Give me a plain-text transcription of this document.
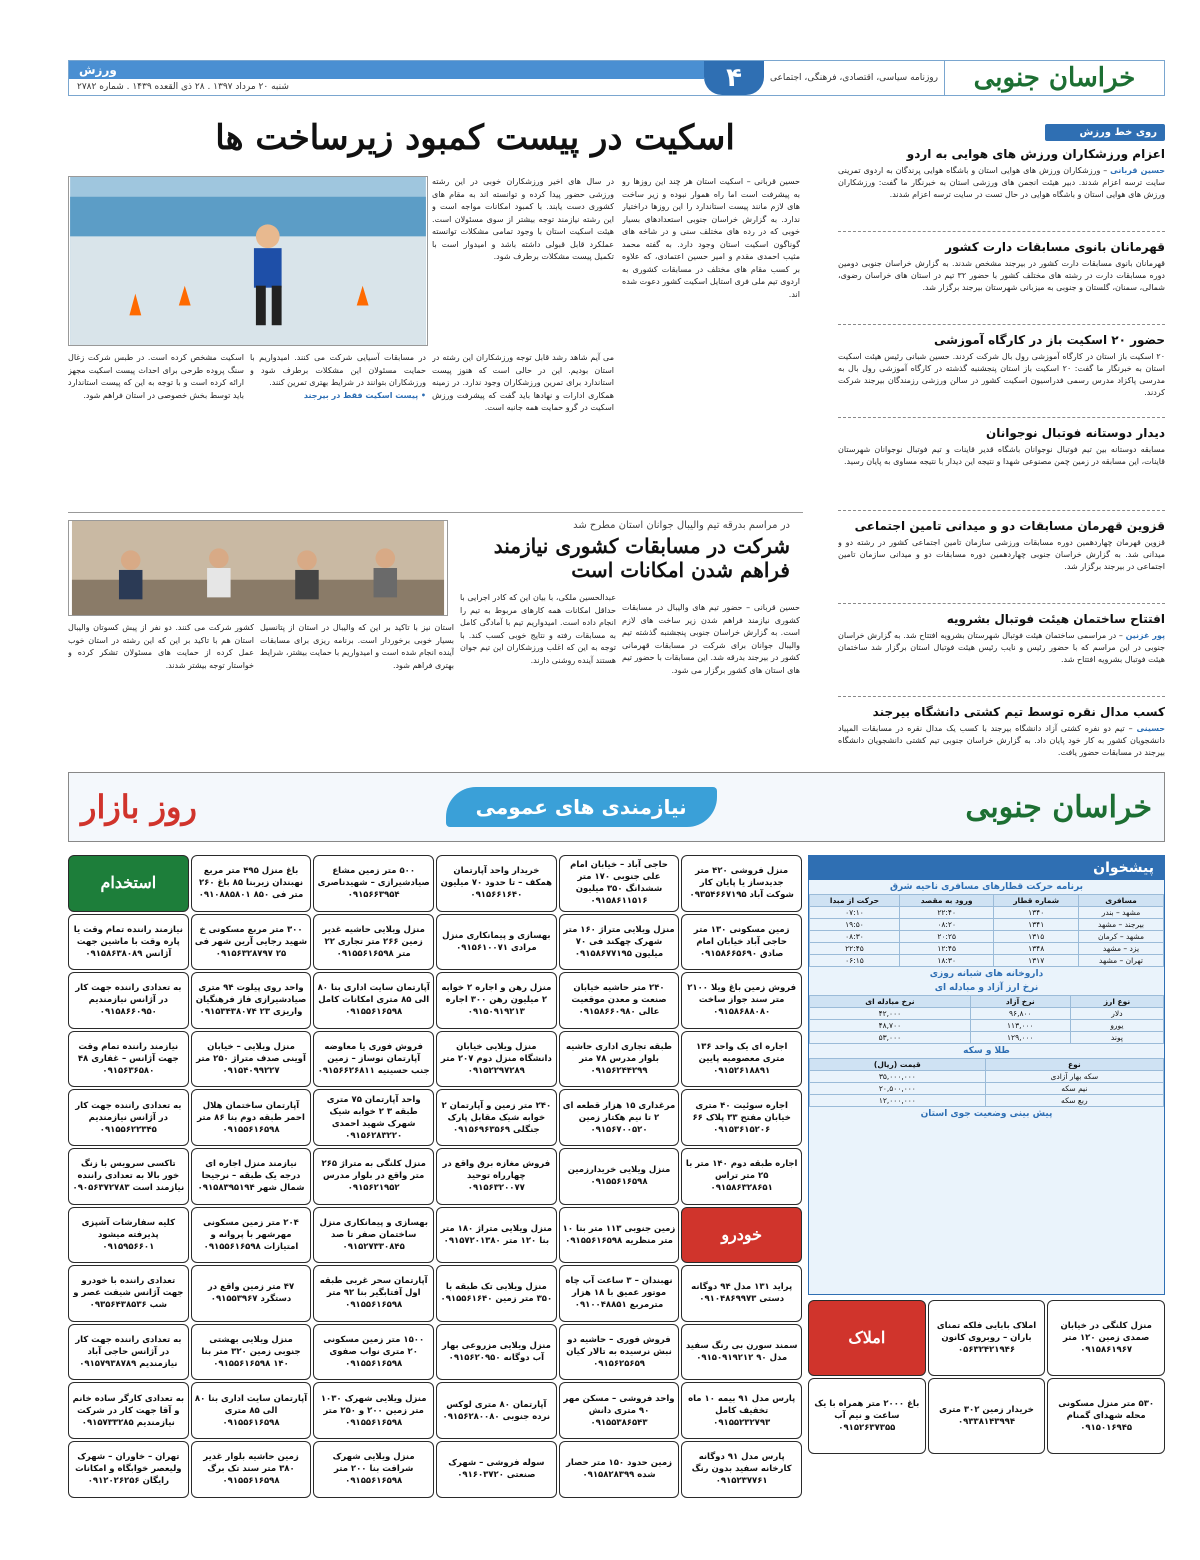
خراسان جنوبی
روزنامه سیاسی، اقتصادی، فرهنگی، اجتماعی
۴
ورزش
شنبه ۲۰ مرداد ۱۳۹۷ . ۲۸ ذی القعده ۱۴۳۹ . شماره ۲۷۸۲
روی خط ورزش
اعزام ورزشکاران ورزش های هوایی به اردو

حسین قربانی – ورزشکاران ورزش های هوایی استان و باشگاه هوایی پرندگان به اردوی تمرینی سایت ترسه اعزام شدند. دبیر هیئت انجمن های ورزشی استان به خبرنگار ما گفت: ورزشکاران ورزش های هوایی استان و باشگاه هوایی در حال تست در سایت ترسه اعزام شدند.

قهرمانان بانوی مسابقات دارت کشور

قهرمانان بانوی مسابقات دارت کشور در بیرجند مشخص شدند. به گزارش خراسان جنوبی دومین دوره مسابقات دارت در رشته های مختلف کشور با حضور ۳۲ تیم در استان های خراسان رضوی، شمالی، سمنان، گلستان و جنوبی به میزبانی شهرستان بیرجند برگزار شد.

حضور ۲۰ اسکیت باز در کارگاه آموزشی

۲۰ اسکیت باز استان در کارگاه آموزشی رول بال شرکت کردند. حسین شبانی رئیس هیئت اسکیت استان به خبرنگار ما گفت: ۲۰ اسکیت باز استان پنجشنبه گذشته در کارگاه آموزشی رول بال به مدرسی پاکزاد مدرس رسمی فدراسیون اسکیت کشور در سالن ورزشی رزمندگان بیرجند شرکت کردند.

دیدار دوستانه فوتبال نوجوانان

مسابقه دوستانه بین تیم فوتبال نوجوانان باشگاه قدیر قاینات و تیم فوتبال نوجوانان شهرستان قاینات، این مسابقه در زمین چمن مصنوعی شهدا و نتیجه این دیدار با نتیجه مساوی به پایان رسید.

قزوین قهرمان مسابقات دو و میدانی تامین اجتماعی

قزوین قهرمان چهاردهمین دوره مسابقات ورزشی سازمان تامین اجتماعی کشور در رشته دو و میدانی شد. به گزارش خراسان جنوبی چهاردهمین دوره مسابقات دو و میدانی سازمان تامین اجتماعی در بیرجند برگزار شد.

افتتاح ساختمان هیئت فوتبال بشرویه

پور غزنین – در مراسمی ساختمان هیئت فوتبال شهرستان بشرویه افتتاح شد. به گزارش خراسان جنوبی در این مراسم که با حضور رئیس و نایب رئیس هیئت فوتبال استان برگزار شد ساختمان هیئت فوتبال بشرویه افتتاح شد.

کسب مدال نقره توسط تیم کشتی دانشگاه بیرجند

حسینی – تیم دو نفره کشتی آزاد دانشگاه بیرجند با کسب یک مدال نقره در مسابقات المپیاد دانشجویان کشور به کار خود پایان داد. به گزارش خراسان جنوبی تیم کشتی دانشجویان دانشگاه بیرجند در مسابقات حضور یافت.

اسکیت در پیست کمبود زیرساخت ها
حسین قربانی – اسکیت استان هر چند این روزها رو به پیشرفت است اما راه هموار نبوده و زیر ساخت های لازم مانند پیست استاندارد را این روزها دراختیار ندارد. به گزارش خراسان جنوبی استعدادهای بسیار خوبی که در رده های مختلف سنی و در شاخه های گوناگون اسکیت استان وجود دارد. به گفته محمد مثیب احمدی مقدم و امیر حسین اعتمادی، که علاوه بر کسب مقام های مختلف در مسابقات کشوری به اردوی تیم ملی فری استایل اسکیت کشور دعوت شده اند.
در سال های اخیر ورزشکاران خوبی در این رشته ورزشی حضور پیدا کرده و توانسته اند به مقام های کشوری دست یابند. با کمبود امکانات مواجه است و این رشته نیازمند توجه بیشتر از سوی مسئولان است. هیئت اسکیت استان با وجود تمامی مشکلات توانسته عملکرد قابل قبولی داشته باشد و امیدوار است با تکمیل پیست مشکلات برطرف شود.
می آیم شاهد رشد قابل توجه ورزشکاران این رشته در استان بودیم. این در حالی است که هنوز پیست استاندارد برای تمرین ورزشکاران وجود ندارد. در زمینه همکاری ادارات و نهادها باید گفت که پیشرفت ورزش اسکیت در گرو حمایت همه جانبه است.
در مسابقات آسیایی شرکت می کنند. امیدواریم با حمایت مسئولان این مشکلات برطرف شود و ورزشکاران بتوانند در شرایط بهتری تمرین کنند.
• پیست اسکیت فقط در بیرجند
اسکیت مشخص کرده است. در طبس شرکت زغال سنگ پروده طرحی برای احداث پیست اسکیت مجهز ارائه کرده است و با توجه به این که پیست استاندارد باید توسط بخش خصوصی در استان فراهم شود.
در مراسم بدرقه تیم والیبال جوانان استان مطرح شد
شرکت در مسابقات کشوری نیازمند فراهم شدن امکانات است
حسین قربانی – حضور تیم های والیبال در مسابقات کشوری نیازمند فراهم شدن زیر ساخت های لازم است. به گزارش خراسان جنوبی پنجشنبه گذشته تیم والیبال جوانان برای شرکت در مسابقات قهرمانی کشور در بیرجند بدرقه شد. این مسابقات با حضور تیم های استان های کشور برگزار می شود.
عبدالحسین ملکی، با بیان این که کادر اجرایی با حداقل امکانات همه کارهای مربوط به تیم را انجام داده است. امیدواریم تیم با آمادگی کامل به مسابقات رفته و نتایج خوبی کسب کند. با توجه به این که اغلب ورزشکاران این تیم جوان هستند آینده روشنی دارند.
استان نیز با تاکید بر این که والیبال در استان از پتانسیل بسیار خوبی برخوردار است. برنامه ریزی برای مسابقات آینده انجام شده است و امیدواریم با حمایت بیشتر، شرایط بهتری فراهم شود.
کشور شرکت می کنند. دو نفر از پیش کسوتان والیبال استان هم با تاکید بر این که این رشته در استان خوب عمل کرده از حمایت های مسئولان تشکر کرده و خواستار توجه بیشتر شدند.
خراسان جنوبی
نیازمندی های عمومی
روز بازار
منزل فروشی ۴۲۰ متر جدیدساز یا پایان کار شوکت آباد ۰۹۳۵۴۶۶۷۱۹۵
حاجی آباد – خیابان امام علی جنوبی ۱۷۰ متر ششدانگ ۳۵۰ میلیون ۰۹۱۵۸۶۱۱۵۱۶
خریدار واحد آپارتمان همکف – تا حدود ۷۰ میلیون ۰۹۱۵۶۶۱۶۴۰
۵۰۰ متر زمین مشاع صیادشیرازی – شهیدناصری ۰۹۱۵۶۶۳۹۵۴
باغ منزل ۴۹۵ متر مربع نهبندان زیربنا ۸۵ باغ ۲۶۰ متر فی ۸۵۰ ۰۹۱۰۸۸۵۸۰۱
استخدام
زمین مسکونی ۱۳۰ متر حاجی آباد خیابان امام صادق ۰۹۱۵۸۶۶۵۶۹۰
منزل ویلایی متراژ ۱۶۰ متر شهرک چهکند فی ۷۰ میلیون ۰۹۱۵۸۶۷۷۱۹۵
بهسازی و پیمانکاری منزل مرادی ۰۹۱۵۶۱۰۰۷۱
منزل ویلایی حاشیه غدیر زمین ۲۶۶ متر تجاری ۲۲ متر ۰۹۱۵۵۶۱۶۵۹۸
۳۰۰ متر مربع مسکونی خ شهید رجایی آرین شهر فی ۲۵ ۰۹۱۵۶۳۲۸۷۹۷
نیازمند راننده تمام وقت یا پاره وقت با ماشین جهت آژانس ۰۹۱۵۸۶۳۸۰۸۹
فروش زمین باغ ویلا ۲۱۰۰ متر سند جواز ساخت ۰۹۱۵۸۶۸۸۰۸۰
۲۴۰ متر حاشیه خیابان صنعت و معدن موقعیت عالی ۰۹۱۵۸۶۶۰۹۸۰
منزل رهن و اجاره ۲ خوابه ۲ میلیون رهن ۳۰۰ اجاره ۰۹۱۵۰۹۱۹۲۱۳
آپارتمان سایت اداری بنا ۸۰ الی ۸۵ متری امکانات کامل ۰۹۱۵۵۶۱۶۵۹۸
واحد روی پیلوت ۹۴ متری صیادشیرازی فاز فرهنگیان واریزی ۲۳ ۰۹۱۵۳۴۳۸۰۷۴
به تعدادی راننده جهت کار در آژانس نیازمندیم ۰۹۱۵۸۶۶۰۹۵۰
اجاره ای یک واحد ۱۳۶ متری معصومیه پایین ۰۹۱۵۲۶۱۸۸۹۱
طبقه تجاری اداری حاشیه بلوار مدرس ۷۸ متر ۰۹۱۵۶۲۴۴۲۹۹
منزل ویلایی خیابان دانشگاه منزل دوم ۲۰۷ متر ۰۹۱۵۲۲۹۷۲۸۹
فروش فوری یا معاوضه آپارتمان نوساز – زمین جنب حسینیه ۰۹۱۵۶۶۲۶۸۱۱
منزل ویلایی – خیابان آوینی صدف متراژ ۲۵۰ متر ۰۹۱۵۴۰۹۹۲۲۷
نیازمند راننده تمام وقت جهت آژانس – غفاری ۴۸ ۰۹۱۵۶۳۶۵۸۰
اجاره سوئیت ۴۰ متری خیابان مفتح ۳۳ پلاک ۶۶ ۰۹۱۵۳۶۱۵۲۰۶
مرغداری ۱۵ هزار قطعه ای ۲ تا نیم هکتار زمین ۰۹۱۵۶۷۰۰۵۲۰
۲۴۰ متر زمین و آپارتمان ۲ خوابه شیک مقابل پارک جنگلی ۰۹۱۵۶۹۶۳۵۶۹
واحد آپارتمان ۷۵ متری طبقه ۳ ۲ خوابه شیک شهرک شهید احمدی ۰۹۱۵۶۲۸۳۲۲۰
آپارتمان ساختمان هلال احمر طبقه دوم بنا ۸۶ متر ۰۹۱۵۵۶۱۶۵۹۸
به تعدادی راننده جهت کار در آژانس نیازمندیم ۰۹۱۵۵۶۲۲۳۴۵
اجاره طبقه دوم ۱۴۰ متر با ۲۵ متر تراس ۰۹۱۵۸۶۳۲۸۶۵۱
منزل ویلایی خریدارزمین ۰۹۱۵۵۶۱۶۵۹۸
فروش مغازه برق واقع در چهارراه توحید ۰۹۱۵۶۳۲۰۰۷۷
منزل کلنگی به متراژ ۲۶۵ متر واقع در بلوار مدرس ۰۹۱۵۶۲۱۹۵۲
نیازمند منزل اجاره ای درجه یک طبقه – نرجیحا شمال شهر ۰۹۱۵۸۳۹۵۱۹۴
تاکسی سرویس با زنگ خور بالا به تعدادی راننده نیازمند است ۰۹۰۵۶۳۷۲۷۸۳
خودرو
زمین جنوبی ۱۱۳ متر بنا ۱۰ متر منظریه ۰۹۱۵۵۶۱۶۵۹۸
منزل ویلایی متراژ ۱۸۰ متر بنا ۱۲۰ متر ۰۹۱۵۷۲۰۱۳۸۰
بهسازی و پیمانکاری منزل ساختمان صفر تا صد ۰۹۱۵۲۷۳۳۰۸۴۵
۲۰۴ متر زمین مسکونی مهرشهر با پروانه و امتیازات ۰۹۱۵۵۶۱۶۵۹۸
کلیه سفارشات آشپزی پذیرفته میشود ۰۹۱۵۹۵۶۶۰۱
پراید ۱۳۱ مدل ۹۴ دوگانه دستی ۰۹۱۰۴۸۶۹۹۷۳
نهبندان – ۳ ساعت آب چاه موتور عمیق با ۱۸ هزار مترمربع ۰۹۱۰۰۴۸۸۵۱
منزل ویلایی تک طبقه با ۳۵۰ متر زمین ۰۹۱۵۵۶۱۶۴۰
آپارتمان سحر غربی طبقه اول آفتابگیر بنا ۹۲ متر ۰۹۱۵۵۶۱۶۵۹۸
۴۷ متر زمین واقع در دستگرد ۰۹۱۵۵۳۹۶۷
تعدادی راننده با خودرو جهت آژانس شیفت عصر و شب ۰۹۳۵۶۴۳۸۵۳۶
سمند سورن بی رنگ سفید مدل ۹۰ ۰۹۱۵۰۹۱۹۲۱۲
فروش فوری – حاشیه دو نبش نرسیده به تالار کیان ۰۹۱۵۶۲۵۶۵۹
منزل ویلایی مزروعی بهار آب دوگانه ۰۹۱۵۶۲۰۹۵۰
۱۵۰۰ متر زمین مسکونی ۲۰ متری نواب صفوی ۰۹۱۵۵۶۱۶۵۹۸
منزل ویلایی بهشتی جنوبی زمین ۳۲۰ متر بنا ۱۴۰ ۰۹۱۵۵۶۱۶۵۹۸
به تعدادی راننده جهت کار در آژانس حاجی آباد نیازمندیم ۰۹۱۵۷۹۳۸۷۸۹
پارس مدل ۹۱ بیمه ۱۰ ماه تخفیف کامل ۰۹۱۵۵۲۳۲۷۹۳
واحد فروشی – مسکن مهر ۹۰ متری دانش ۰۹۱۵۵۳۸۶۵۴۳
آپارتمان ۸۰ متری لوکس نرده جنوبی ۰۹۱۵۶۲۸۰۰۸۰
منزل ویلایی شهرک ۱۰۳۰ متر زمین ۲۰۰ و ۲۵۰ متر ۰۹۱۵۵۶۱۶۵۹۸
آپارتمان سایت اداری بنا ۸۰ الی ۸۵ متری ۰۹۱۵۵۶۱۶۵۹۸
به تعدادی کارگر ساده خانم و آقا جهت کار در شرکت نیازمندیم ۰۹۱۵۷۳۳۲۸۵
پارس مدل ۹۱ دوگانه کارخانه سفید بدون رنگ ۰۹۱۵۲۳۷۷۶۱
زمین حدود ۱۵۰ متر حصار شده ۰۹۱۵۸۲۸۳۹۹
سوله فروشی – شهرک صنعتی ۰۹۱۶۰۳۷۲۰
منزل ویلایی شهرک شرافت بنا ۲۰۰ متر ۰۹۱۵۵۶۱۶۵۹۸
زمین حاشیه بلوار غدیر ۳۸۰ متر سند تک برگ ۰۹۱۵۵۶۱۶۵۹۸
تهران – خاوران – شهرک ولیعصر خوابگاه و امکانات رایگان ۰۹۱۲۰۲۶۲۵۶
پیشخوان
برنامه حرکت قطارهای مسافری ناحیه شرق
مسافری	شماره قطار	ورود به مقصد	حرکت از مبدا
مشهد – بندر	۱۳۴۰	۲۲:۴۰	۰۷:۱۰
بیرجند – مشهد	۱۳۴۱	۰۸:۲۰	۱۹:۵۰
مشهد – کرمان	۱۳۱۵	۲۰:۲۵	۰۸:۳۰
یزد – مشهد	۱۳۴۸	۱۲:۴۵	۲۲:۴۵
تهران – مشهد	۱۳۱۷	۱۸:۳۰	۰۶:۱۵
داروخانه های شبانه روزی
نرخ ارز آزاد و مبادله ای
نوع ارز	نرخ آزاد	نرخ مبادله ای
دلار	۹۶,۸۰۰	۴۲,۰۰۰
یورو	۱۱۳,۰۰۰	۴۸,۷۰۰
پوند	۱۲۹,۰۰۰	۵۳,۰۰۰
طلا و سکه
نوع	قیمت (ریال)
سکه بهار آزادی	۳۵,۰۰۰,۰۰۰
نیم سکه	۲۰,۵۰۰,۰۰۰
ربع سکه	۱۲,۰۰۰,۰۰۰
پیش بینی وضعیت جوی استان
منزل کلنگی در خیابان صمدی زمین ۱۲۰ متر ۰۹۱۵۸۶۱۹۶۷
املاک بابایی فلکه تمنای باران – روبروی کانون ۰۵۶۳۲۴۲۱۹۴۶
املاک
۵۳۰ متر منزل مسکونی محله شهدای گمنام ۰۹۱۵۰۱۶۹۴۵
خریدار زمین ۳۰۲ متری ۰۹۳۳۸۱۴۳۹۹۴
باغ ۲۰۰۰ متر همراه با یک ساعت و نیم آب ۰۹۱۵۲۶۳۷۳۵۵
